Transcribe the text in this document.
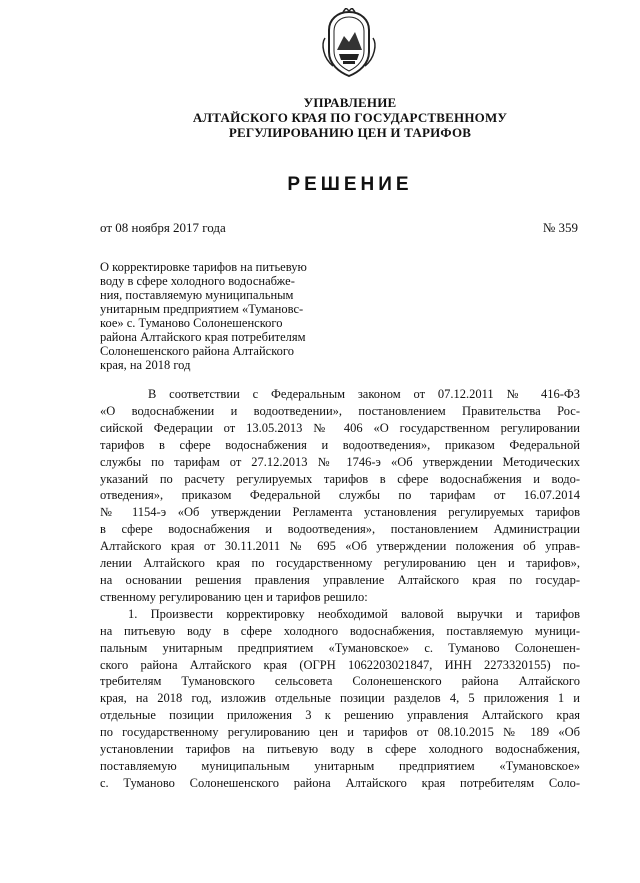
УПРАВЛЕНИЕ
АЛТАЙСКОГО КРАЯ ПО ГОСУДАРСТВЕННОМУ
РЕГУЛИРОВАНИЮ ЦЕН И ТАРИФОВ
РЕШЕНИЕ
от 08 ноября 2017 года	№ 359
О корректировке тарифов на питьевую
воду в сфере холодного водоснабже-
ния, поставляемую муниципальным
унитарным предприятием «Тумановс-
кое» с. Туманово Солонешенского
района Алтайского края потребителям
Солонешенского района Алтайского
края, на 2018 год
В соответствии с Федеральным законом от 07.12.2011 № 416-ФЗ
«О водоснабжении и водоотведении», постановлением Правительства Рос-
сийской Федерации от 13.05.2013 № 406 «О государственном регулировании
тарифов в сфере водоснабжения и водоотведения», приказом Федеральной
службы по тарифам от 27.12.2013 № 1746-э «Об утверждении Методических
указаний по расчету регулируемых тарифов в сфере водоснабжения и водо-
отведения», приказом Федеральной службы по тарифам от 16.07.2014
№ 1154-э «Об утверждении Регламента установления регулируемых тарифов
в сфере водоснабжения и водоотведения», постановлением Администрации
Алтайского края от 30.11.2011 № 695 «Об утверждении положения об управ-
лении Алтайского края по государственному регулированию цен и тарифов»,
на основании решения правления управление Алтайского края по государ-
ственному регулированию цен и тарифов решило:
1. Произвести корректировку необходимой валовой выручки и тарифов
на питьевую воду в сфере холодного водоснабжения, поставляемую муници-
пальным унитарным предприятием «Тумановское» с. Туманово Солонешен-
ского района Алтайского края (ОГРН 1062203021847, ИНН 2273320155) по-
требителям Тумановского сельсовета Солонешенского района Алтайского
края, на 2018 год, изложив отдельные позиции разделов 4, 5 приложения 1 и
отдельные позиции приложения 3 к решению управления Алтайского края
по государственному регулированию цен и тарифов от 08.10.2015 № 189 «Об
установлении тарифов на питьевую воду в сфере холодного водоснабжения,
поставляемую муниципальным унитарным предприятием «Тумановское»
с. Туманово Солонешенского района Алтайского края потребителям Соло-
